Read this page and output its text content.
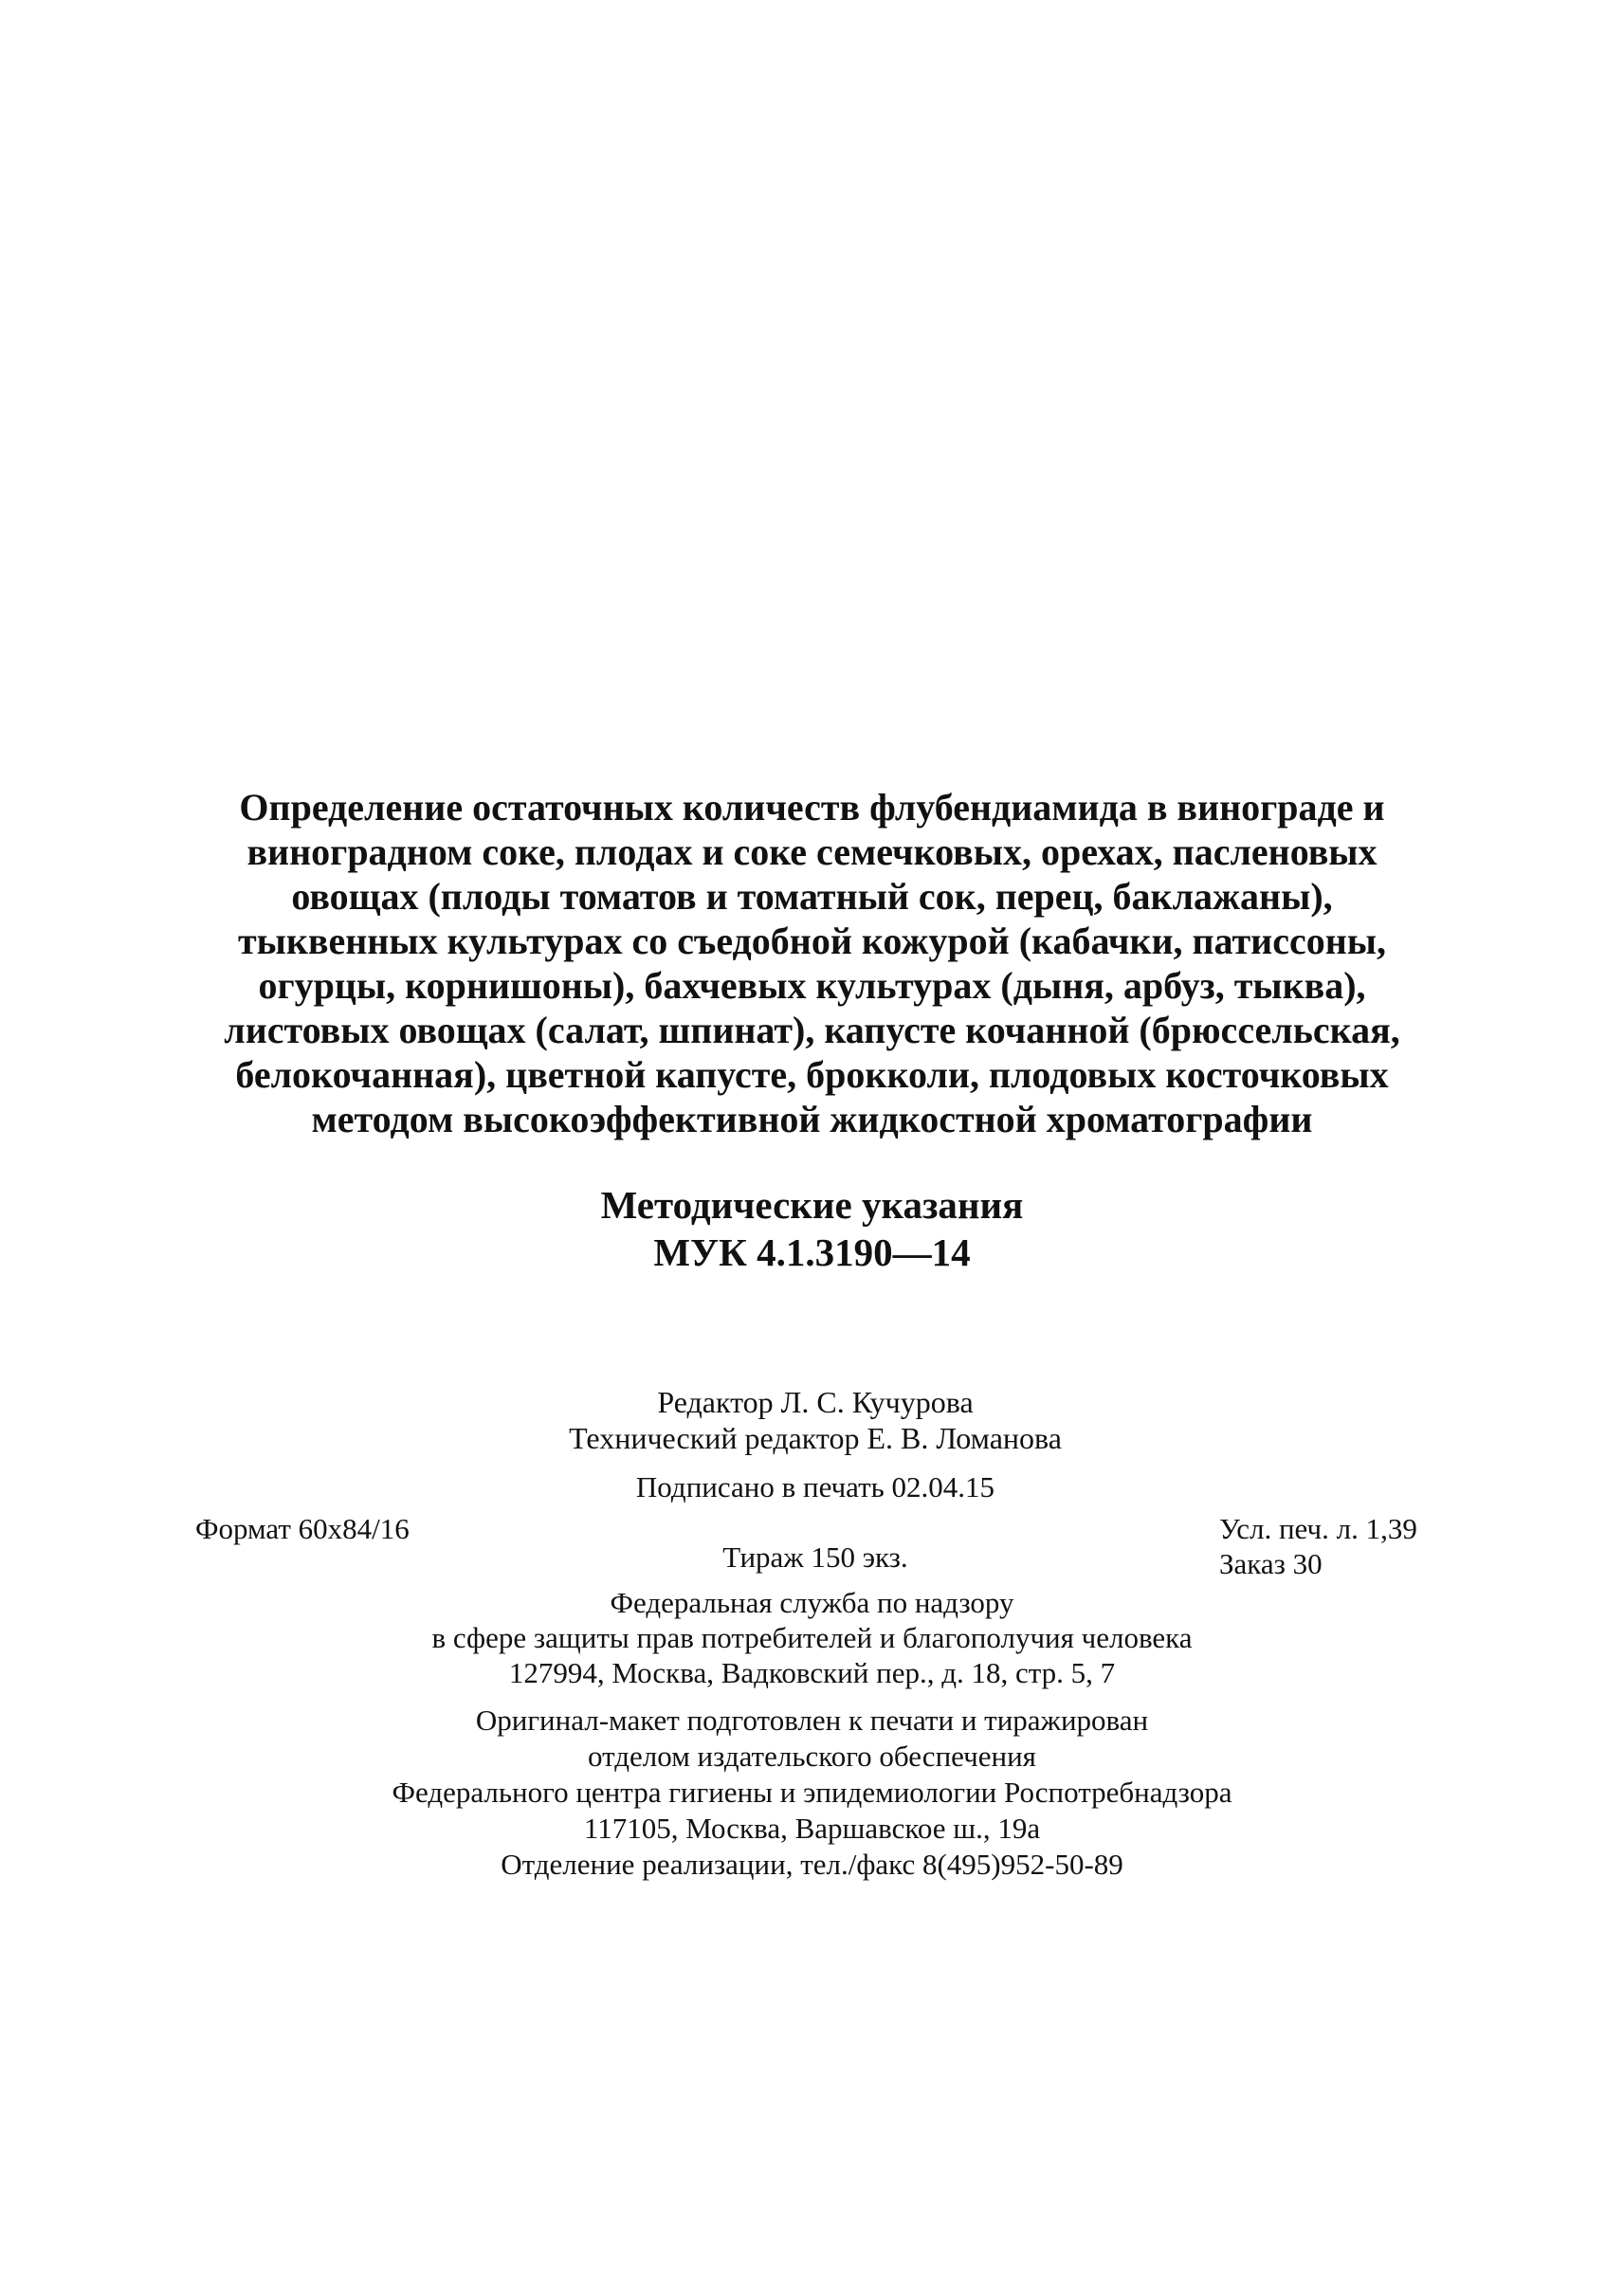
Определение остаточных количеств флубендиамида в винограде и
виноградном соке, плодах и соке семечковых, орехах, пасленовых
овощах (плоды томатов и томатный сок, перец, баклажаны),
тыквенных культурах со съедобной кожурой (кабачки, патиссоны,
огурцы, корнишоны), бахчевых культурах (дыня, арбуз, тыква),
листовых овощах (салат, шпинат), капусте кочанной (брюссельская,
белокочанная), цветной капусте, брокколи, плодовых косточковых
методом высокоэффективной жидкостной хроматографии
Методические указания
МУК 4.1.3190—14
Редактор Л. С. Кучурова
Технический редактор Е. В. Ломанова
Формат 60x84/16
Подписано в печать 02.04.15

Тираж 150 экз.
Усл. печ. л. 1,39
Заказ 30
Федеральная служба по надзору
в сфере защиты прав потребителей и благополучия человека
127994, Москва, Вадковский пер., д. 18, стр. 5, 7
Оригинал-макет подготовлен к печати и тиражирован
отделом издательского обеспечения
Федерального центра гигиены и эпидемиологии Роспотребнадзора
117105, Москва, Варшавское ш., 19а
Отделение реализации, тел./факс 8(495)952-50-89
